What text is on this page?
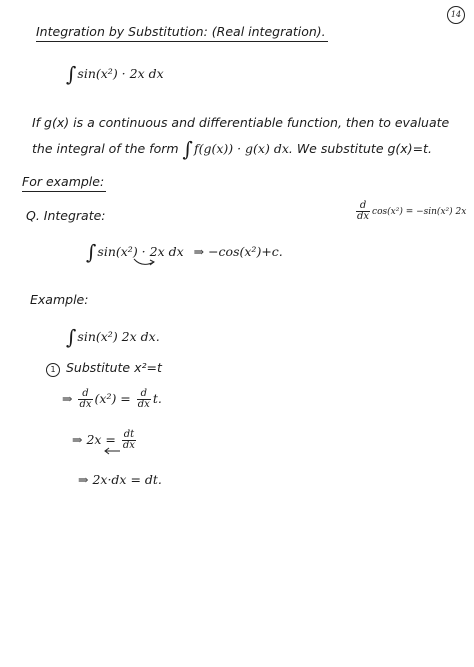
14
Integration by Substitution: (Real integration).
∫sin(x²) · 2x dx
If g(x) is a continuous and differentiable function, then to evaluate
the integral of the form ∫f(g(x)) · g(x) dx. We substitute g(x)=t.
For example:
Q. Integrate:	$\frac{d}{dx} \cos(x^2) = -\sin(x^2)$ 2x
∫sin(x²) · 2x dx ⇒ −cos(x²)+c.
Example:
∫sin(x²) 2x dx.
1 Substitute x²=t
⇒ $\frac{d}{dx} (x^2) = \frac{d}{dx} t$.
⇒ $2x = \frac{dt}{dx}$
⇒ 2x·dx = dt.
